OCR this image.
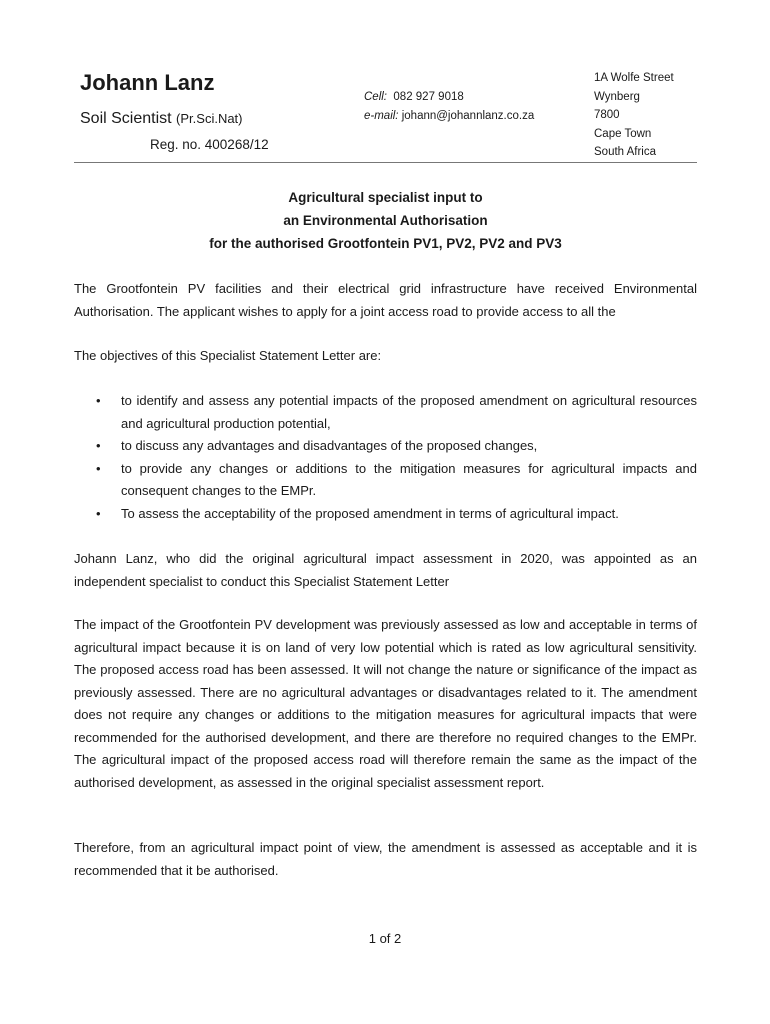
Johann Lanz
Soil Scientist (Pr.Sci.Nat)
Reg. no. 400268/12
Cell: 082 927 9018
e-mail: johann@johannlanz.co.za
1A Wolfe Street
Wynberg
7800
Cape Town
South Africa
Agricultural specialist input to
an Environmental Authorisation
for the authorised Grootfontein PV1, PV2, PV2 and PV3

The Grootfontein PV facilities and their electrical grid infrastructure have received Environmental Authorisation. The applicant wishes to apply for a joint access road to provide access to all the

The objectives of this Specialist Statement Letter are:

• to identify and assess any potential impacts of the proposed amendment on agricultural resources and agricultural production potential,
• to discuss any advantages and disadvantages of the proposed changes,
• to provide any changes or additions to the mitigation measures for agricultural impacts and consequent changes to the EMPr.
• To assess the acceptability of the proposed amendment in terms of agricultural impact.

Johann Lanz, who did the original agricultural impact assessment in 2020, was appointed as an independent specialist to conduct this Specialist Statement Letter

The impact of the Grootfontein PV development was previously assessed as low and acceptable in terms of agricultural impact because it is on land of very low potential which is rated as low agricultural sensitivity. The proposed access road has been assessed. It will not change the nature or significance of the impact as previously assessed. There are no agricultural advantages or disadvantages related to it. The amendment does not require any changes or additions to the mitigation measures for agricultural impacts that were recommended for the authorised development, and there are therefore no required changes to the EMPr. The agricultural impact of the proposed access road will therefore remain the same as the impact of the authorised development, as assessed in the original specialist assessment report.

Therefore, from an agricultural impact point of view, the amendment is assessed as acceptable and it is recommended that it be authorised.

1 of 2
